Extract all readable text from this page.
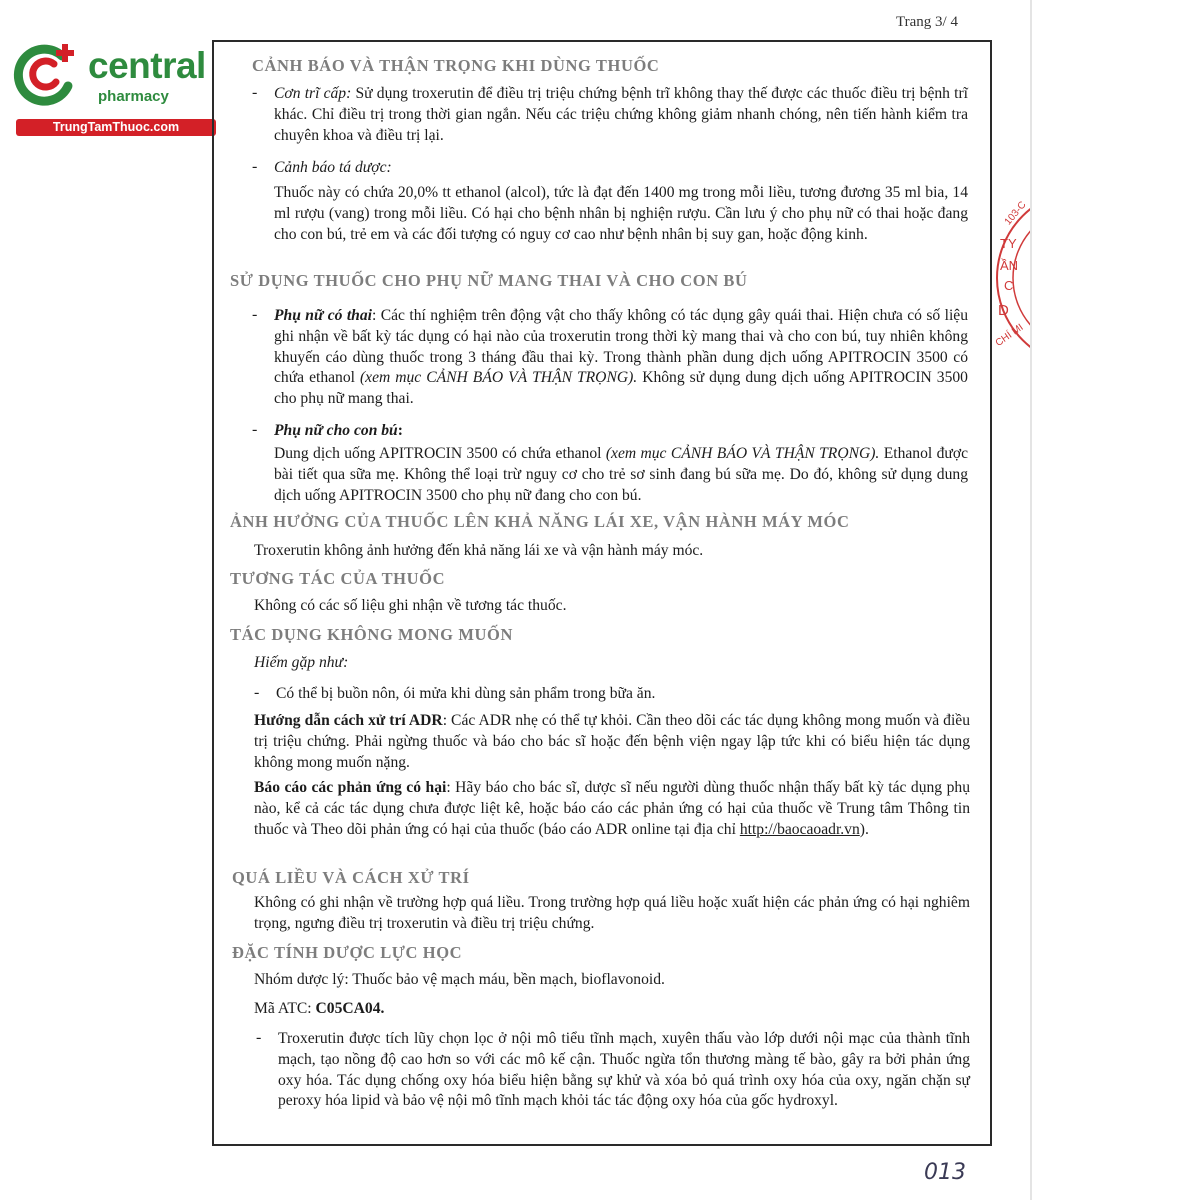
Trang 3/ 4
central
pharmacy
TrungTamThuoc.com
103-C
TY
ẦN
C
D
CHÍ MI
CẢNH BÁO VÀ THẬN TRỌNG KHI DÙNG THUỐC
- Cơn trĩ cấp: Sử dụng troxerutin để điều trị triệu chứng bệnh trĩ không thay thế được các thuốc điều trị bệnh trĩ khác. Chỉ điều trị trong thời gian ngắn. Nếu các triệu chứng không giảm nhanh chóng, nên tiến hành kiểm tra chuyên khoa và điều trị lại.
- Cảnh báo tá dược:
Thuốc này có chứa 20,0% tt ethanol (alcol), tức là đạt đến 1400 mg trong mỗi liều, tương đương 35 ml bia, 14 ml rượu (vang) trong mỗi liều. Có hại cho bệnh nhân bị nghiện rượu. Cần lưu ý cho phụ nữ có thai hoặc đang cho con bú, trẻ em và các đối tượng có nguy cơ cao như bệnh nhân bị suy gan, hoặc động kinh.
SỬ DỤNG THUỐC CHO PHỤ NỮ MANG THAI VÀ CHO CON BÚ
- Phụ nữ có thai: Các thí nghiệm trên động vật cho thấy không có tác dụng gây quái thai. Hiện chưa có số liệu ghi nhận về bất kỳ tác dụng có hại nào của troxerutin trong thời kỳ mang thai và cho con bú, tuy nhiên không khuyến cáo dùng thuốc trong 3 tháng đầu thai kỳ. Trong thành phần dung dịch uống APITROCIN 3500 có chứa ethanol (xem mục CẢNH BÁO VÀ THẬN TRỌNG). Không sử dụng dung dịch uống APITROCIN 3500 cho phụ nữ mang thai.
- Phụ nữ cho con bú:
Dung dịch uống APITROCIN 3500 có chứa ethanol (xem mục CẢNH BÁO VÀ THẬN TRỌNG). Ethanol được bài tiết qua sữa mẹ. Không thể loại trừ nguy cơ cho trẻ sơ sinh đang bú sữa mẹ. Do đó, không sử dụng dung dịch uống APITROCIN 3500 cho phụ nữ đang cho con bú.
ẢNH HƯỞNG CỦA THUỐC LÊN KHẢ NĂNG LÁI XE, VẬN HÀNH MÁY MÓC
Troxerutin không ảnh hưởng đến khả năng lái xe và vận hành máy móc.
TƯƠNG TÁC CỦA THUỐC
Không có các số liệu ghi nhận về tương tác thuốc.
TÁC DỤNG KHÔNG MONG MUỐN
Hiếm gặp như:
- Có thể bị buồn nôn, ói mửa khi dùng sản phẩm trong bữa ăn.
Hướng dẫn cách xử trí ADR: Các ADR nhẹ có thể tự khỏi. Cần theo dõi các tác dụng không mong muốn và điều trị triệu chứng. Phải ngừng thuốc và báo cho bác sĩ hoặc đến bệnh viện ngay lập tức khi có biểu hiện tác dụng không mong muốn nặng.
Báo cáo các phản ứng có hại: Hãy báo cho bác sĩ, dược sĩ nếu người dùng thuốc nhận thấy bất kỳ tác dụng phụ nào, kể cả các tác dụng chưa được liệt kê, hoặc báo cáo các phản ứng có hại của thuốc về Trung tâm Thông tin thuốc và Theo dõi phản ứng có hại của thuốc (báo cáo ADR online tại địa chỉ http://baocaoadr.vn).
QUÁ LIỀU VÀ CÁCH XỬ TRÍ
Không có ghi nhận về trường hợp quá liều. Trong trường hợp quá liều hoặc xuất hiện các phản ứng có hại nghiêm trọng, ngưng điều trị troxerutin và điều trị triệu chứng.
ĐẶC TÍNH DƯỢC LỰC HỌC
Nhóm dược lý: Thuốc bảo vệ mạch máu, bền mạch, bioflavonoid.
Mã ATC: C05CA04.
- Troxerutin được tích lũy chọn lọc ở nội mô tiểu tĩnh mạch, xuyên thấu vào lớp dưới nội mạc của thành tĩnh mạch, tạo nồng độ cao hơn so với các mô kế cận. Thuốc ngừa tổn thương màng tế bào, gây ra bởi phản ứng oxy hóa. Tác dụng chống oxy hóa biểu hiện bằng sự khử và xóa bỏ quá trình oxy hóa của oxy, ngăn chặn sự peroxy hóa lipid và bảo vệ nội mô tĩnh mạch khỏi tác tác động oxy hóa của gốc hydroxyl.
013
